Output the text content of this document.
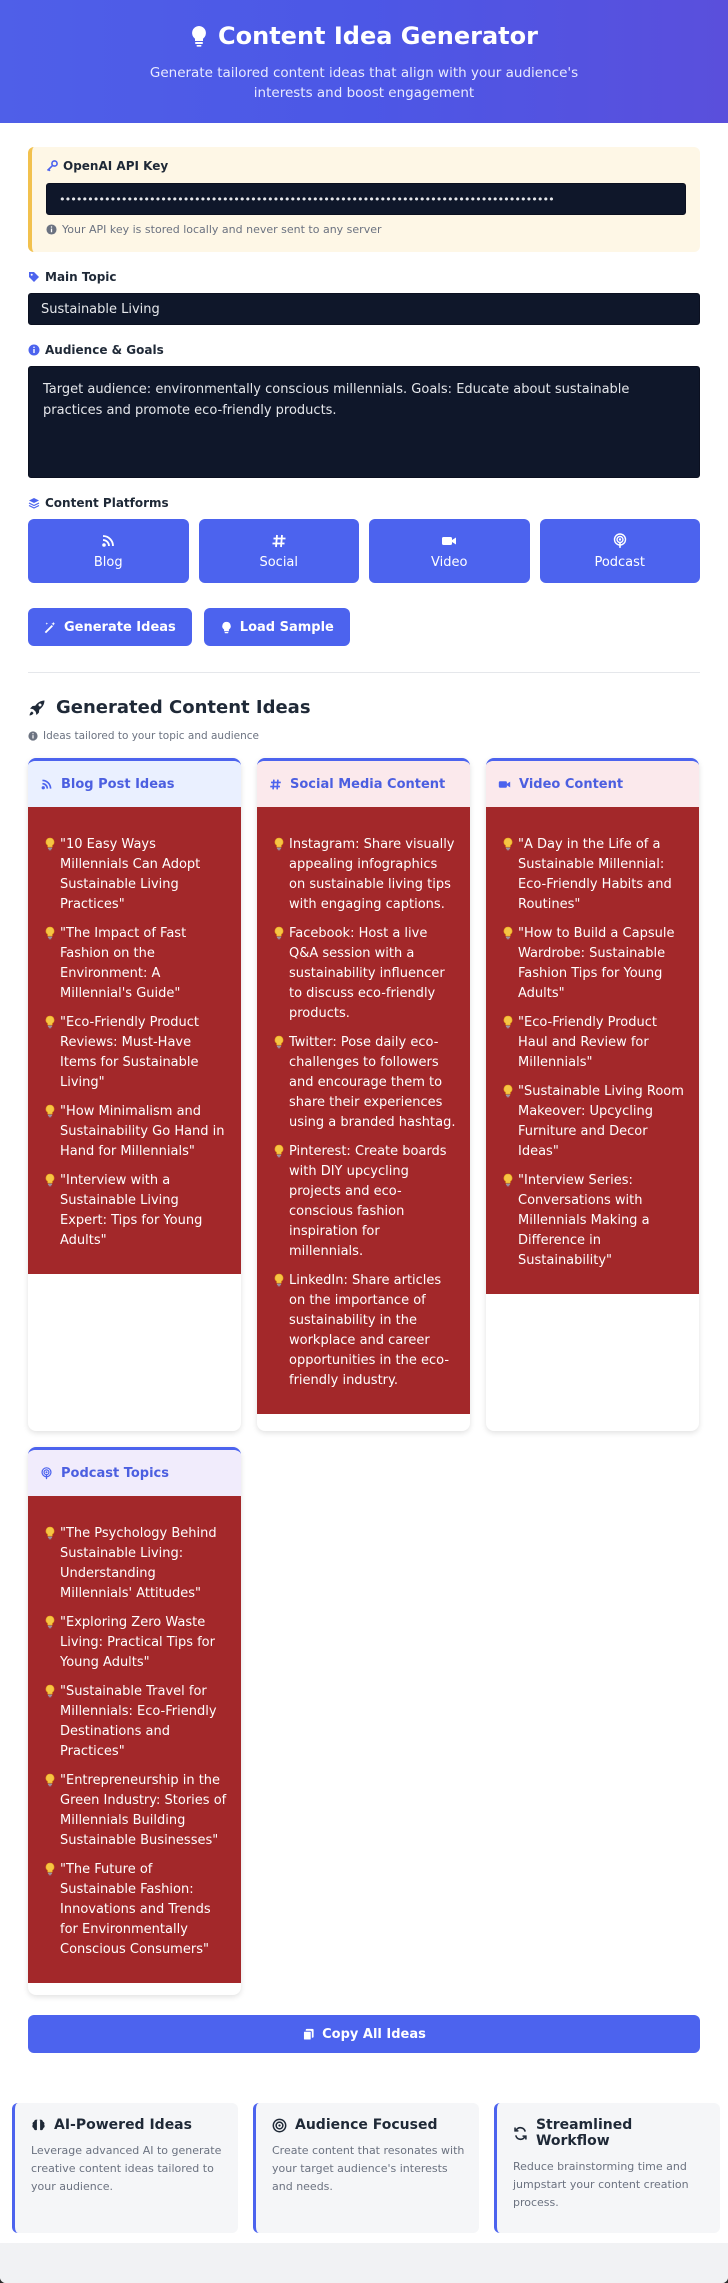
Content Idea Generator

Generate tailored content ideas that align with your audience's interests and boost engagement

OpenAI API Key
••••••••••••••••••••••••••••••••••••••••••••••••••••••••••••••••••••••••••••••••••••••••
Your API key is stored locally and never sent to any server
Main Topic
Sustainable Living
Audience & Goals
Target audience: environmentally conscious millennials. Goals: Educate about sustainable practices and promote eco-friendly products.
Content Platforms
Blog	Social	Video	Podcast
Generate Ideas	Load Sample
Generated Content Ideas
Ideas tailored to your topic and audience
Blog Post Ideas
"10 Easy Ways Millennials Can Adopt Sustainable Living Practices"
"The Impact of Fast Fashion on the Environment: A Millennial's Guide"
"Eco-Friendly Product Reviews: Must-Have Items for Sustainable Living"
"How Minimalism and Sustainability Go Hand in Hand for Millennials"
"Interview with a Sustainable Living Expert: Tips for Young Adults"
Social Media Content
Instagram: Share visually appealing infographics on sustainable living tips with engaging captions.
Facebook: Host a live Q&A session with a sustainability influencer to discuss eco-friendly products.
Twitter: Pose daily eco-challenges to followers and encourage them to share their experiences using a branded hashtag.
Pinterest: Create boards with DIY upcycling projects and eco-conscious fashion inspiration for millennials.
LinkedIn: Share articles on the importance of sustainability in the workplace and career opportunities in the eco-friendly industry.
Video Content
"A Day in the Life of a Sustainable Millennial: Eco-Friendly Habits and Routines"
"How to Build a Capsule Wardrobe: Sustainable Fashion Tips for Young Adults"
"Eco-Friendly Product Haul and Review for Millennials"
"Sustainable Living Room Makeover: Upcycling Furniture and Decor Ideas"
"Interview Series: Conversations with Millennials Making a Difference in Sustainability"
Podcast Topics
"The Psychology Behind Sustainable Living: Understanding Millennials' Attitudes"
"Exploring Zero Waste Living: Practical Tips for Young Adults"
"Sustainable Travel for Millennials: Eco-Friendly Destinations and Practices"
"Entrepreneurship in the Green Industry: Stories of Millennials Building Sustainable Businesses"
"The Future of Sustainable Fashion: Innovations and Trends for Environmentally Conscious Consumers"
Copy All Ideas
AI-Powered Ideas

Leverage advanced AI to generate creative content ideas tailored to your audience.

Audience Focused

Create content that resonates with your target audience's interests and needs.

Streamlined Workflow

Reduce brainstorming time and jumpstart your content creation process.
